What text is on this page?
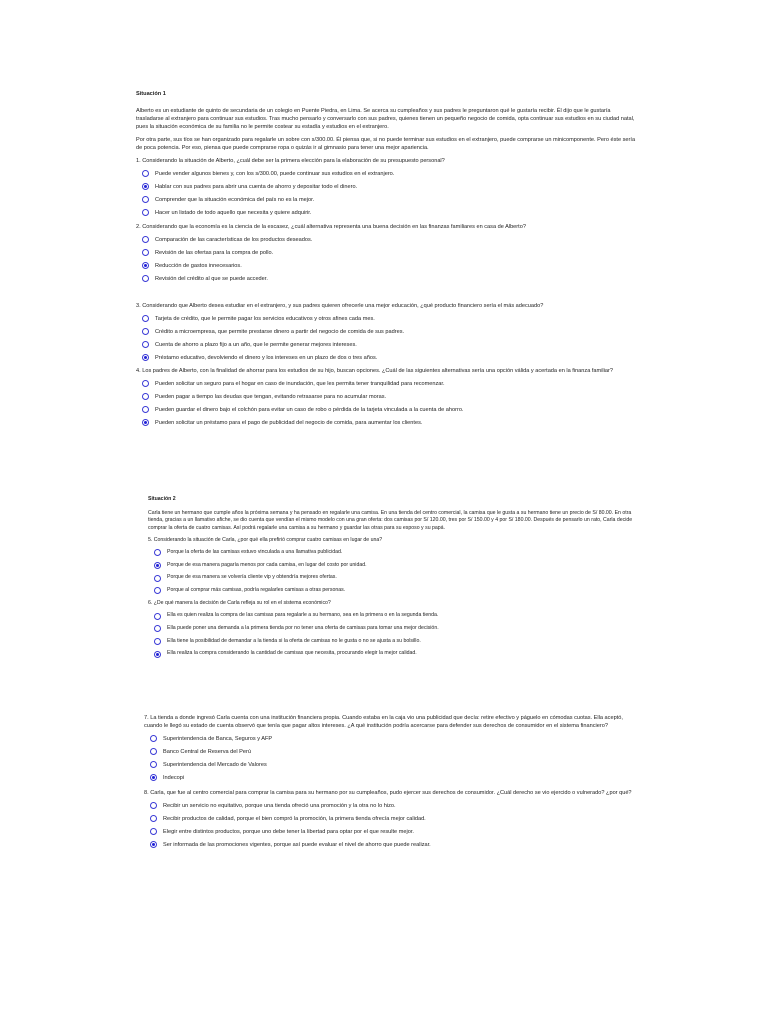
Situación 1

Alberto es un estudiante de quinto de secundaria de un colegio en Puente Piedra, en Lima. Se acerca su cumpleaños y sus padres le preguntaron qué le gustaría recibir. Él dijo que le gustaría trasladarse al extranjero para continuar sus estudios. Tras mucho pensarlo y conversarlo con sus padres, quienes tienen un pequeño negocio de comida, opta continuar sus estudios en su ciudad natal, pues la situación económica de su familia no le permite costear su estadía y estudios en el extranjero.

Por otra parte, sus tíos se han organizado para regalarle un sobre con s/300.00. Él piensa que, si no puede terminar sus estudios en el extranjero, puede comprarse un minicomponente. Pero éste sería de poca potencia. Por eso, piensa que puede comprarse ropa o quizás ir al gimnasio para tener una mejor apariencia.

1. Considerando la situación de Alberto, ¿cuál debe ser la primera elección para la elaboración de su presupuesto personal?

Puede vender algunos bienes y, con los s/300.00, puede continuar sus estudios en el extranjero.
Hablar con sus padres para abrir una cuenta de ahorro y depositar todo el dinero.
Comprender que la situación económica del país no es la mejor.
Hacer un listado de todo aquello que necesita y quiere adquirir.

2. Considerando que la economía es la ciencia de la escasez, ¿cuál alternativa representa una buena decisión en las finanzas familiares en casa de Alberto?

Comparación de las características de los productos deseados.
Revisión de las ofertas para la compra de pollo.
Reducción de gastos innecesarios.
Revisión del crédito al que se puede acceder.

3. Considerando que Alberto desea estudiar en el extranjero, y sus padres quieren ofrecerle una mejor educación, ¿qué producto financiero sería el más adecuado?

Tarjeta de crédito, que le permite pagar los servicios educativos y otros afines cada mes.
Crédito a microempresa, que permite prestarse dinero a partir del negocio de comida de sus padres.
Cuenta de ahorro a plazo fijo a un año, que le permite generar mejores intereses.
Préstamo educativo, devolviendo el dinero y los intereses en un plazo de dos o tres años.

4. Los padres de Alberto, con la finalidad de ahorrar para los estudios de su hijo, buscan opciones. ¿Cuál de las siguientes alternativas sería una opción válida y acertada en la finanza familiar?

Pueden solicitar un seguro para el hogar en caso de inundación, que les permita tener tranquilidad para recomenzar.
Pueden pagar a tiempo las deudas que tengan, evitando retrasarse para no acumular moras.
Pueden guardar el dinero bajo el colchón para evitar un caso de robo o pérdida de la tarjeta vinculada a la cuenta de ahorro.
Pueden solicitar un préstamo para el pago de publicidad del negocio de comida, para aumentar los clientes.
Situación 2

Carla tiene un hermano que cumple años la próxima semana y ha pensado en regalarle una camisa. En una tienda del centro comercial, la camisa que le gusta a su hermano tiene un precio de S/ 80.00. En otra tienda, gracias a un llamativo afiche, se dio cuenta que vendían el mismo modelo con una gran oferta: dos camisas por S/ 120.00, tres por S/ 150.00 y 4 por S/ 180.00. Después de pensarlo un rato, Carla decide comprar la oferta de cuatro camisas. Así podrá regalarle una camisa a su hermano y guardar las otras para su esposo y su papá.

5. Considerando la situación de Carla, ¿por qué ella prefirió comprar cuatro camisas en lugar de una?

Porque la oferta de las camisas estuvo vinculada a una llamativa publicidad.
Porque de esa manera pagaría menos por cada camisa, en lugar del costo por unidad.
Porque de esa manera se volvería cliente vip y obtendría mejores ofertas.
Porque al comprar más camisas, podría regalarles camisas a otras personas.

6. ¿De qué manera la decisión de Carla refleja su rol en el sistema económico?

Ella es quien realiza la compra de las camisas para regalarle a su hermano, sea en la primera o en la segunda tienda.
Ella puede poner una demanda a la primera tienda por no tener una oferta de camisas para tomar una mejor decisión.
Ella tiene la posibilidad de demandar a la tienda si la oferta de camisas no le gusta o no se ajusta a su bolsillo.
Ella realiza la compra considerando la cantidad de camisas que necesita, procurando elegir la mejor calidad.

7. La tienda a donde ingresó Carla cuenta con una institución financiera propia. Cuando estaba en la caja vio una publicidad que decía: retire efectivo y páguelo en cómodas cuotas. Ella aceptó, cuando le llegó su estado de cuenta observó que tenía que pagar altos intereses. ¿A qué institución podría acercarse para defender sus derechos de consumidor en el sistema financiero?

Superintendencia de Banca, Seguros y AFP
Banco Central de Reserva del Perú
Superintendencia del Mercado de Valores
Indecopi

8. Carla, que fue al centro comercial para comprar la camisa para su hermano por su cumpleaños, pudo ejercer sus derechos de consumidor. ¿Cuál derecho se vio ejercido o vulnerado? ¿por qué?

Recibir un servicio no equitativo, porque una tienda ofreció una promoción y la otra no lo hizo.
Recibir productos de calidad, porque el bien compró la promoción, la primera tienda ofrecía mejor calidad.
Elegir entre distintos productos, porque uno debe tener la libertad para optar por el que resulte mejor.
Ser informada de las promociones vigentes, porque así puede evaluar el nivel de ahorro que puede realizar.
